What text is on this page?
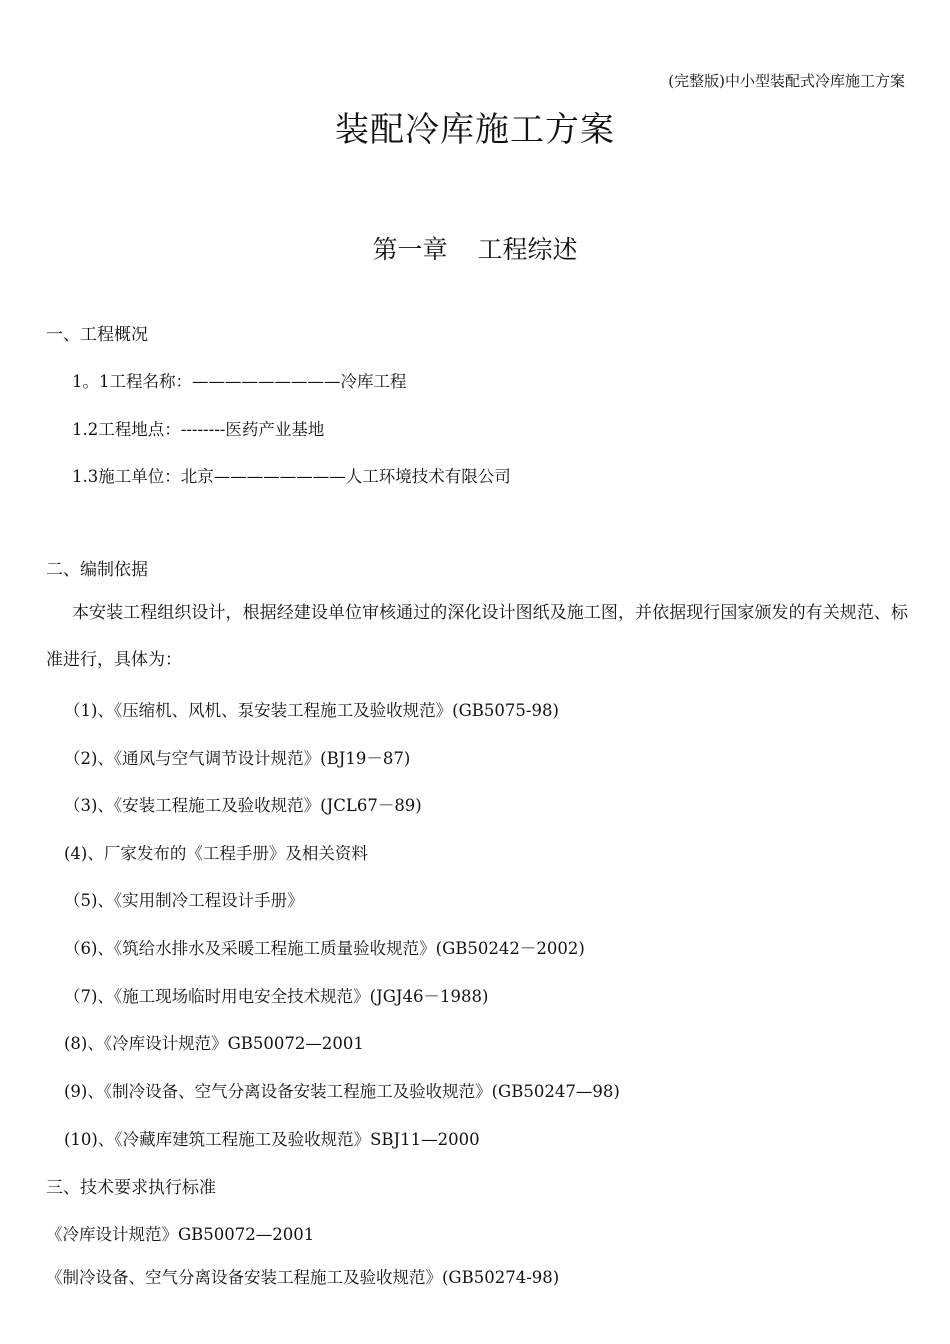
(完整版)中小型装配式冷库施工方案
装配冷库施工方案
第一章 工程综述
一、工程概况
1。1工程名称：—————————冷库工程
1.2工程地点：--------医药产业基地
1.3施工单位：北京————————人工环境技术有限公司
二、编制依据
本安装工程组织设计，根据经建设单位审核通过的深化设计图纸及施工图，并依据现行国家颁发的有关规范、标准进行，具体为：
（1)、《压缩机、风机、泵安装工程施工及验收规范》(GB5075-98)
（2)、《通风与空气调节设计规范》(BJ19－87)
（3)、《安装工程施工及验收规范》(JCL67－89)
(4)、厂家发布的《工程手册》及相关资料
（5)、《实用制冷工程设计手册》
（6)、《筑给水排水及采暖工程施工质量验收规范》(GB50242－2002)
（7)、《施工现场临时用电安全技术规范》(JGJ46－1988)
(8)、《冷库设计规范》GB50072—2001
(9)、《制冷设备、空气分离设备安装工程施工及验收规范》(GB50247—98)
(10)、《冷藏库建筑工程施工及验收规范》SBJ11—2000
三、技术要求执行标准
《冷库设计规范》GB50072—2001
《制冷设备、空气分离设备安装工程施工及验收规范》(GB50274-98)
